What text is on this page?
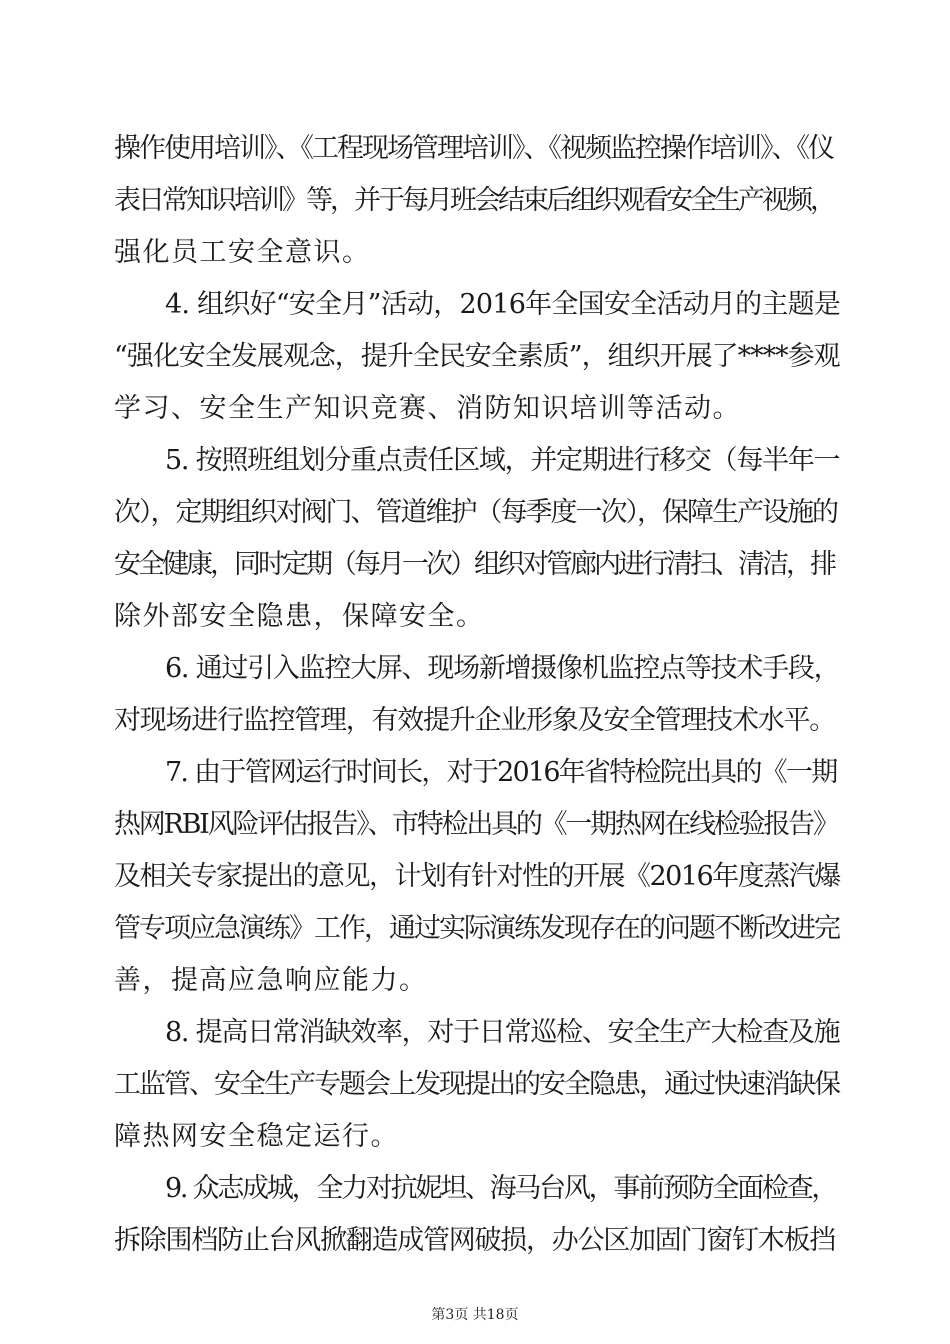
操作使用培训》、《工程现场管理培训》、《视频监控操作培训》、《仪
表日常知识培训》等，并于每月班会结束后组织观看安全生产视频，
强化员工安全意识。
4. 组织好“安全月”活动，2016年全国安全活动月的主题是
“强化安全发展观念，提升全民安全素质”，组织开展了****参观
学习、安全生产知识竞赛、消防知识培训等活动。
5. 按照班组划分重点责任区域，并定期进行移交（每半年一
次），定期组织对阀门、管道维护（每季度一次），保障生产设施的
安全健康，同时定期（每月一次）组织对管廊内进行清扫、清洁，排
除外部安全隐患，保障安全。
6. 通过引入监控大屏、现场新增摄像机监控点等技术手段，
对现场进行监控管理，有效提升企业形象及安全管理技术水平。
7. 由于管网运行时间长，对于2016年省特检院出具的《一期
热网RBI风险评估报告》、市特检出具的《一期热网在线检验报告》
及相关专家提出的意见，计划有针对性的开展《2016年度蒸汽爆
管专项应急演练》工作，通过实际演练发现存在的问题不断改进完
善，提高应急响应能力。
8. 提高日常消缺效率，对于日常巡检、安全生产大检查及施
工监管、安全生产专题会上发现提出的安全隐患，通过快速消缺保
障热网安全稳定运行。
9. 众志成城，全力对抗妮坦、海马台风，事前预防全面检查，
拆除围档防止台风掀翻造成管网破损，办公区加固门窗钉木板挡
第3页 共18页
